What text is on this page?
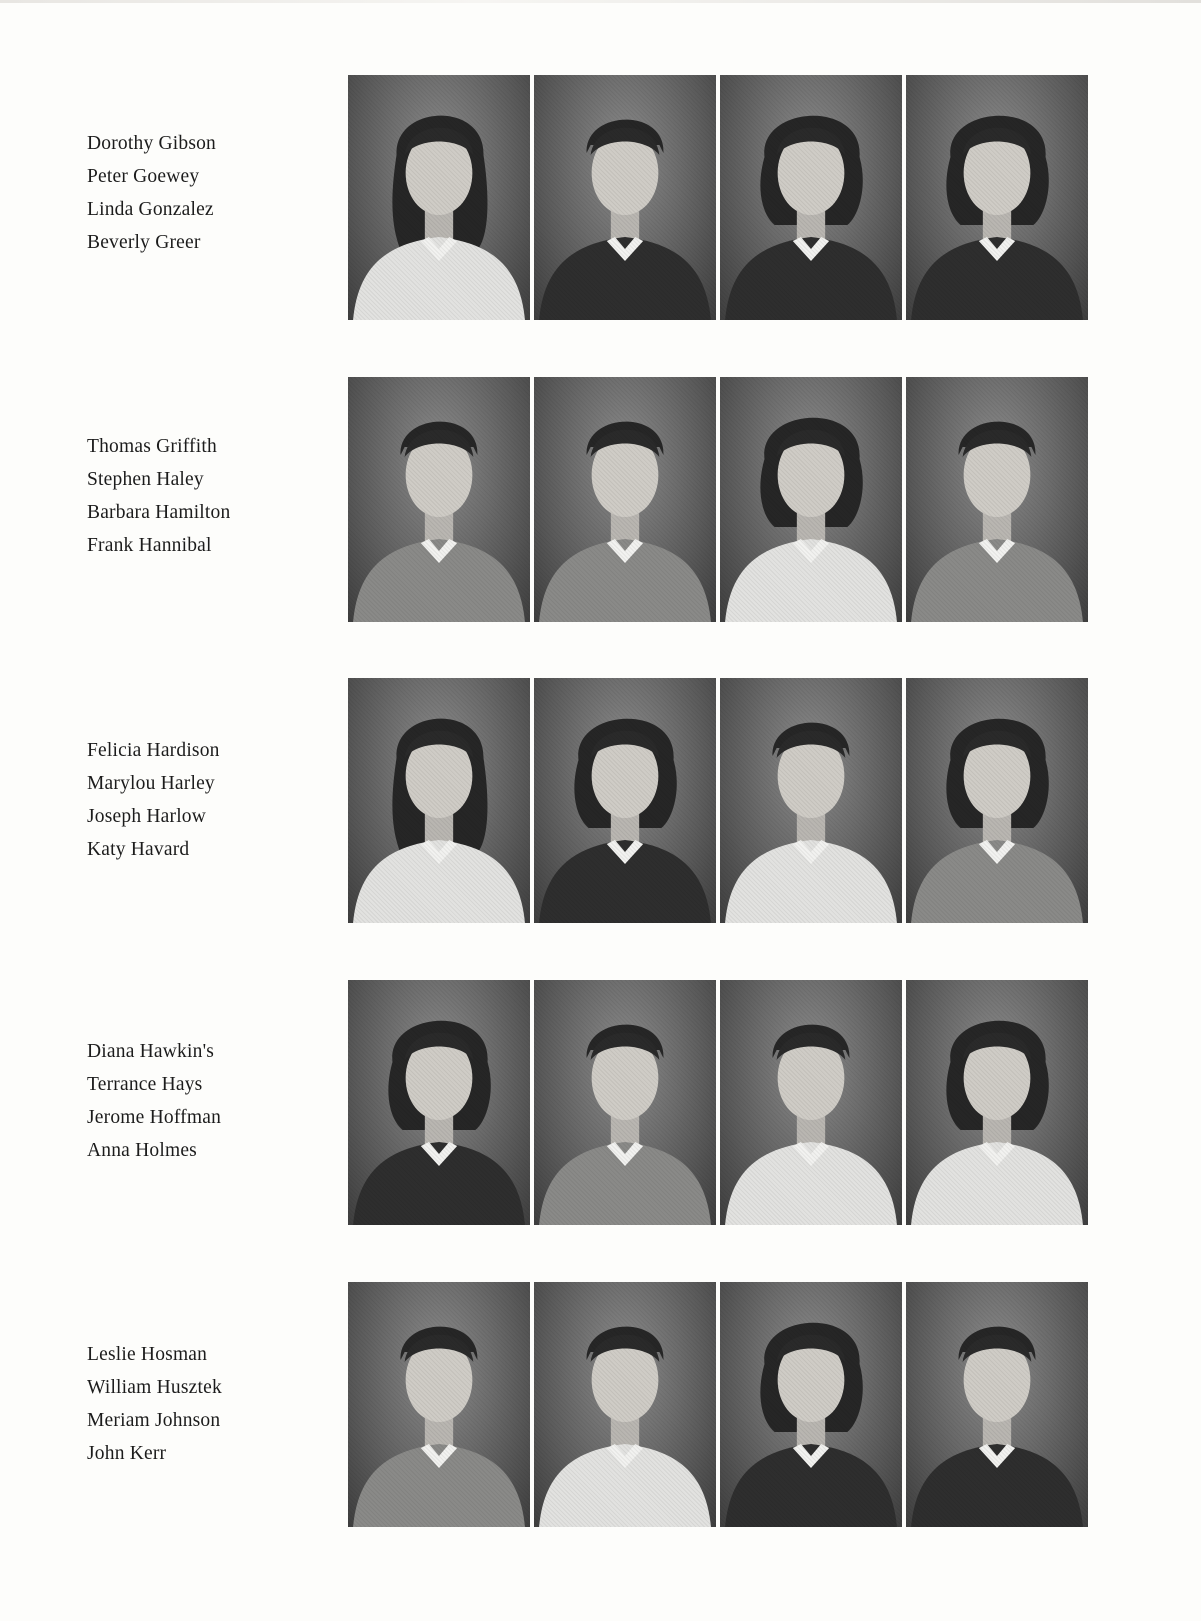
Dorothy Gibson
Peter Goewey
Linda Gonzalez
Beverly Greer
Thomas Griffith
Stephen Haley
Barbara Hamilton
Frank Hannibal
Felicia Hardison
Marylou Harley
Joseph Harlow
Katy Havard
Diana Hawkin's
Terrance Hays
Jerome Hoffman
Anna Holmes
Leslie Hosman
William Husztek
Meriam Johnson
John Kerr
